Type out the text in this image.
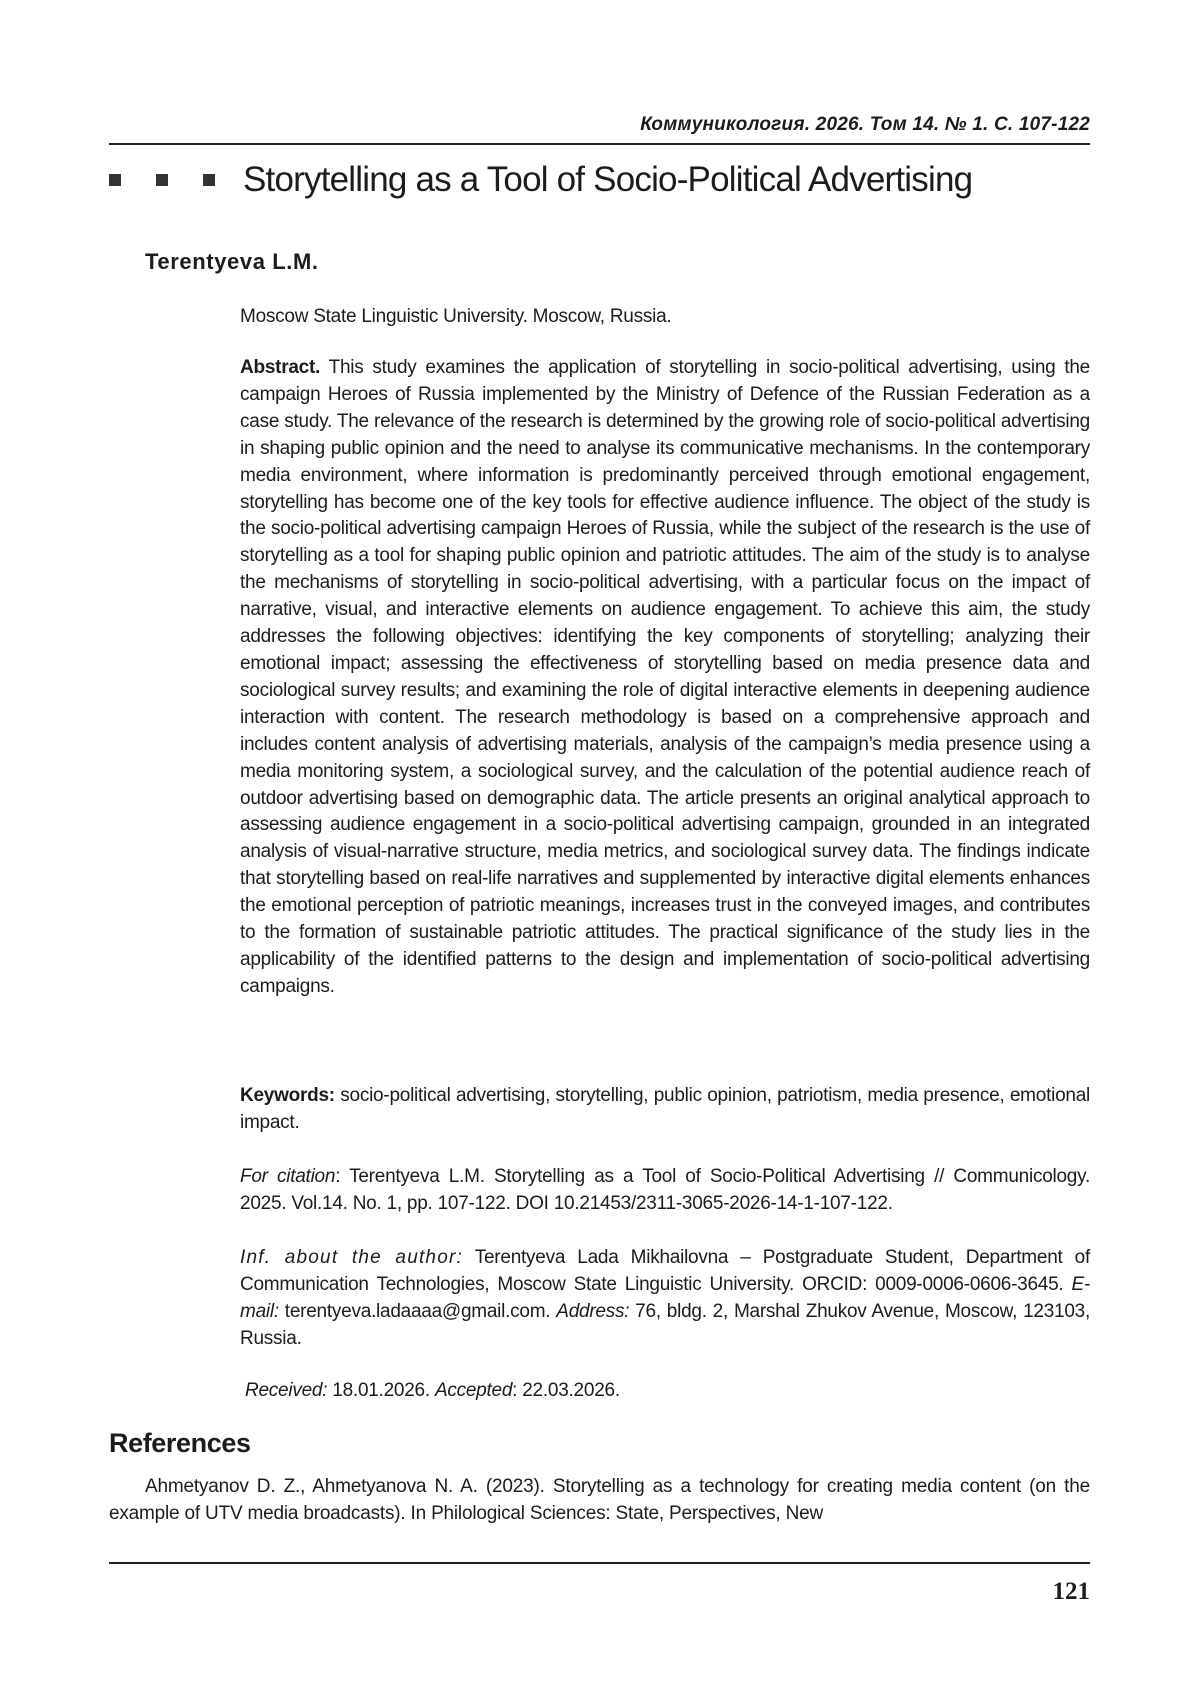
Коммуникология. 2026. Том 14. № 1. С. 107-122
Storytelling as a Tool of Socio-Political Advertising
Terentyeva L.M.
Moscow State Linguistic University. Moscow, Russia.
Abstract. This study examines the application of storytelling in socio-political advertising, using the campaign Heroes of Russia implemented by the Ministry of Defence of the Russian Federation as a case study. The relevance of the research is determined by the growing role of socio-political advertising in shaping public opinion and the need to analyse its communicative mechanisms. In the contemporary media environment, where information is predominantly perceived through emotional engagement, storytelling has become one of the key tools for effective audience influence. The object of the study is the socio-political advertising campaign Heroes of Russia, while the subject of the research is the use of storytelling as a tool for shaping public opinion and patriotic attitudes. The aim of the study is to analyse the mechanisms of storytelling in socio-political advertising, with a particular focus on the impact of narrative, visual, and interactive elements on audience engagement. To achieve this aim, the study addresses the following objectives: identifying the key components of storytelling; analyzing their emotional impact; assessing the effectiveness of storytelling based on media presence data and sociological survey results; and examining the role of digital interactive elements in deepening audience interaction with content. The research methodology is based on a comprehensive approach and includes content analysis of advertising materials, analysis of the campaign’s media presence using a media monitoring system, a sociological survey, and the calculation of the potential audience reach of outdoor advertising based on demographic data. The article presents an original analytical approach to assessing audience engagement in a socio-political advertising campaign, grounded in an integrated analysis of visual-narrative structure, media metrics, and sociological survey data. The findings indicate that storytelling based on real-life narratives and supplemented by interactive digital elements enhances the emotional perception of patriotic meanings, increases trust in the conveyed images, and contributes to the formation of sustainable patriotic attitudes. The practical significance of the study lies in the applicability of the identified patterns to the design and implementation of socio-political advertising campaigns.
Keywords: socio-political advertising, storytelling, public opinion, patriotism, media presence, emotional impact.
For citation: Terentyeva L.M. Storytelling as a Tool of Socio-Political Advertising // Communicology. 2025. Vol.14. No. 1, pp. 107-122. DOI 10.21453/2311-3065-2026-14-1-107-122.
Inf. about the author: Terentyeva Lada Mikhailovna – Postgraduate Student, Department of Communication Technologies, Moscow State Linguistic University. ORCID: 0009-0006-0606-3645. E-mail: terentyeva.ladaaaa@gmail.com. Address: 76, bldg. 2, Marshal Zhukov Avenue, Moscow, 123103, Russia.
Received: 18.01.2026. Accepted: 22.03.2026.
References
Ahmetyanov D. Z., Ahmetyanova N. A. (2023). Storytelling as a technology for creating media content (on the example of UTV media broadcasts). In Philological Sciences: State, Perspectives, New
121
